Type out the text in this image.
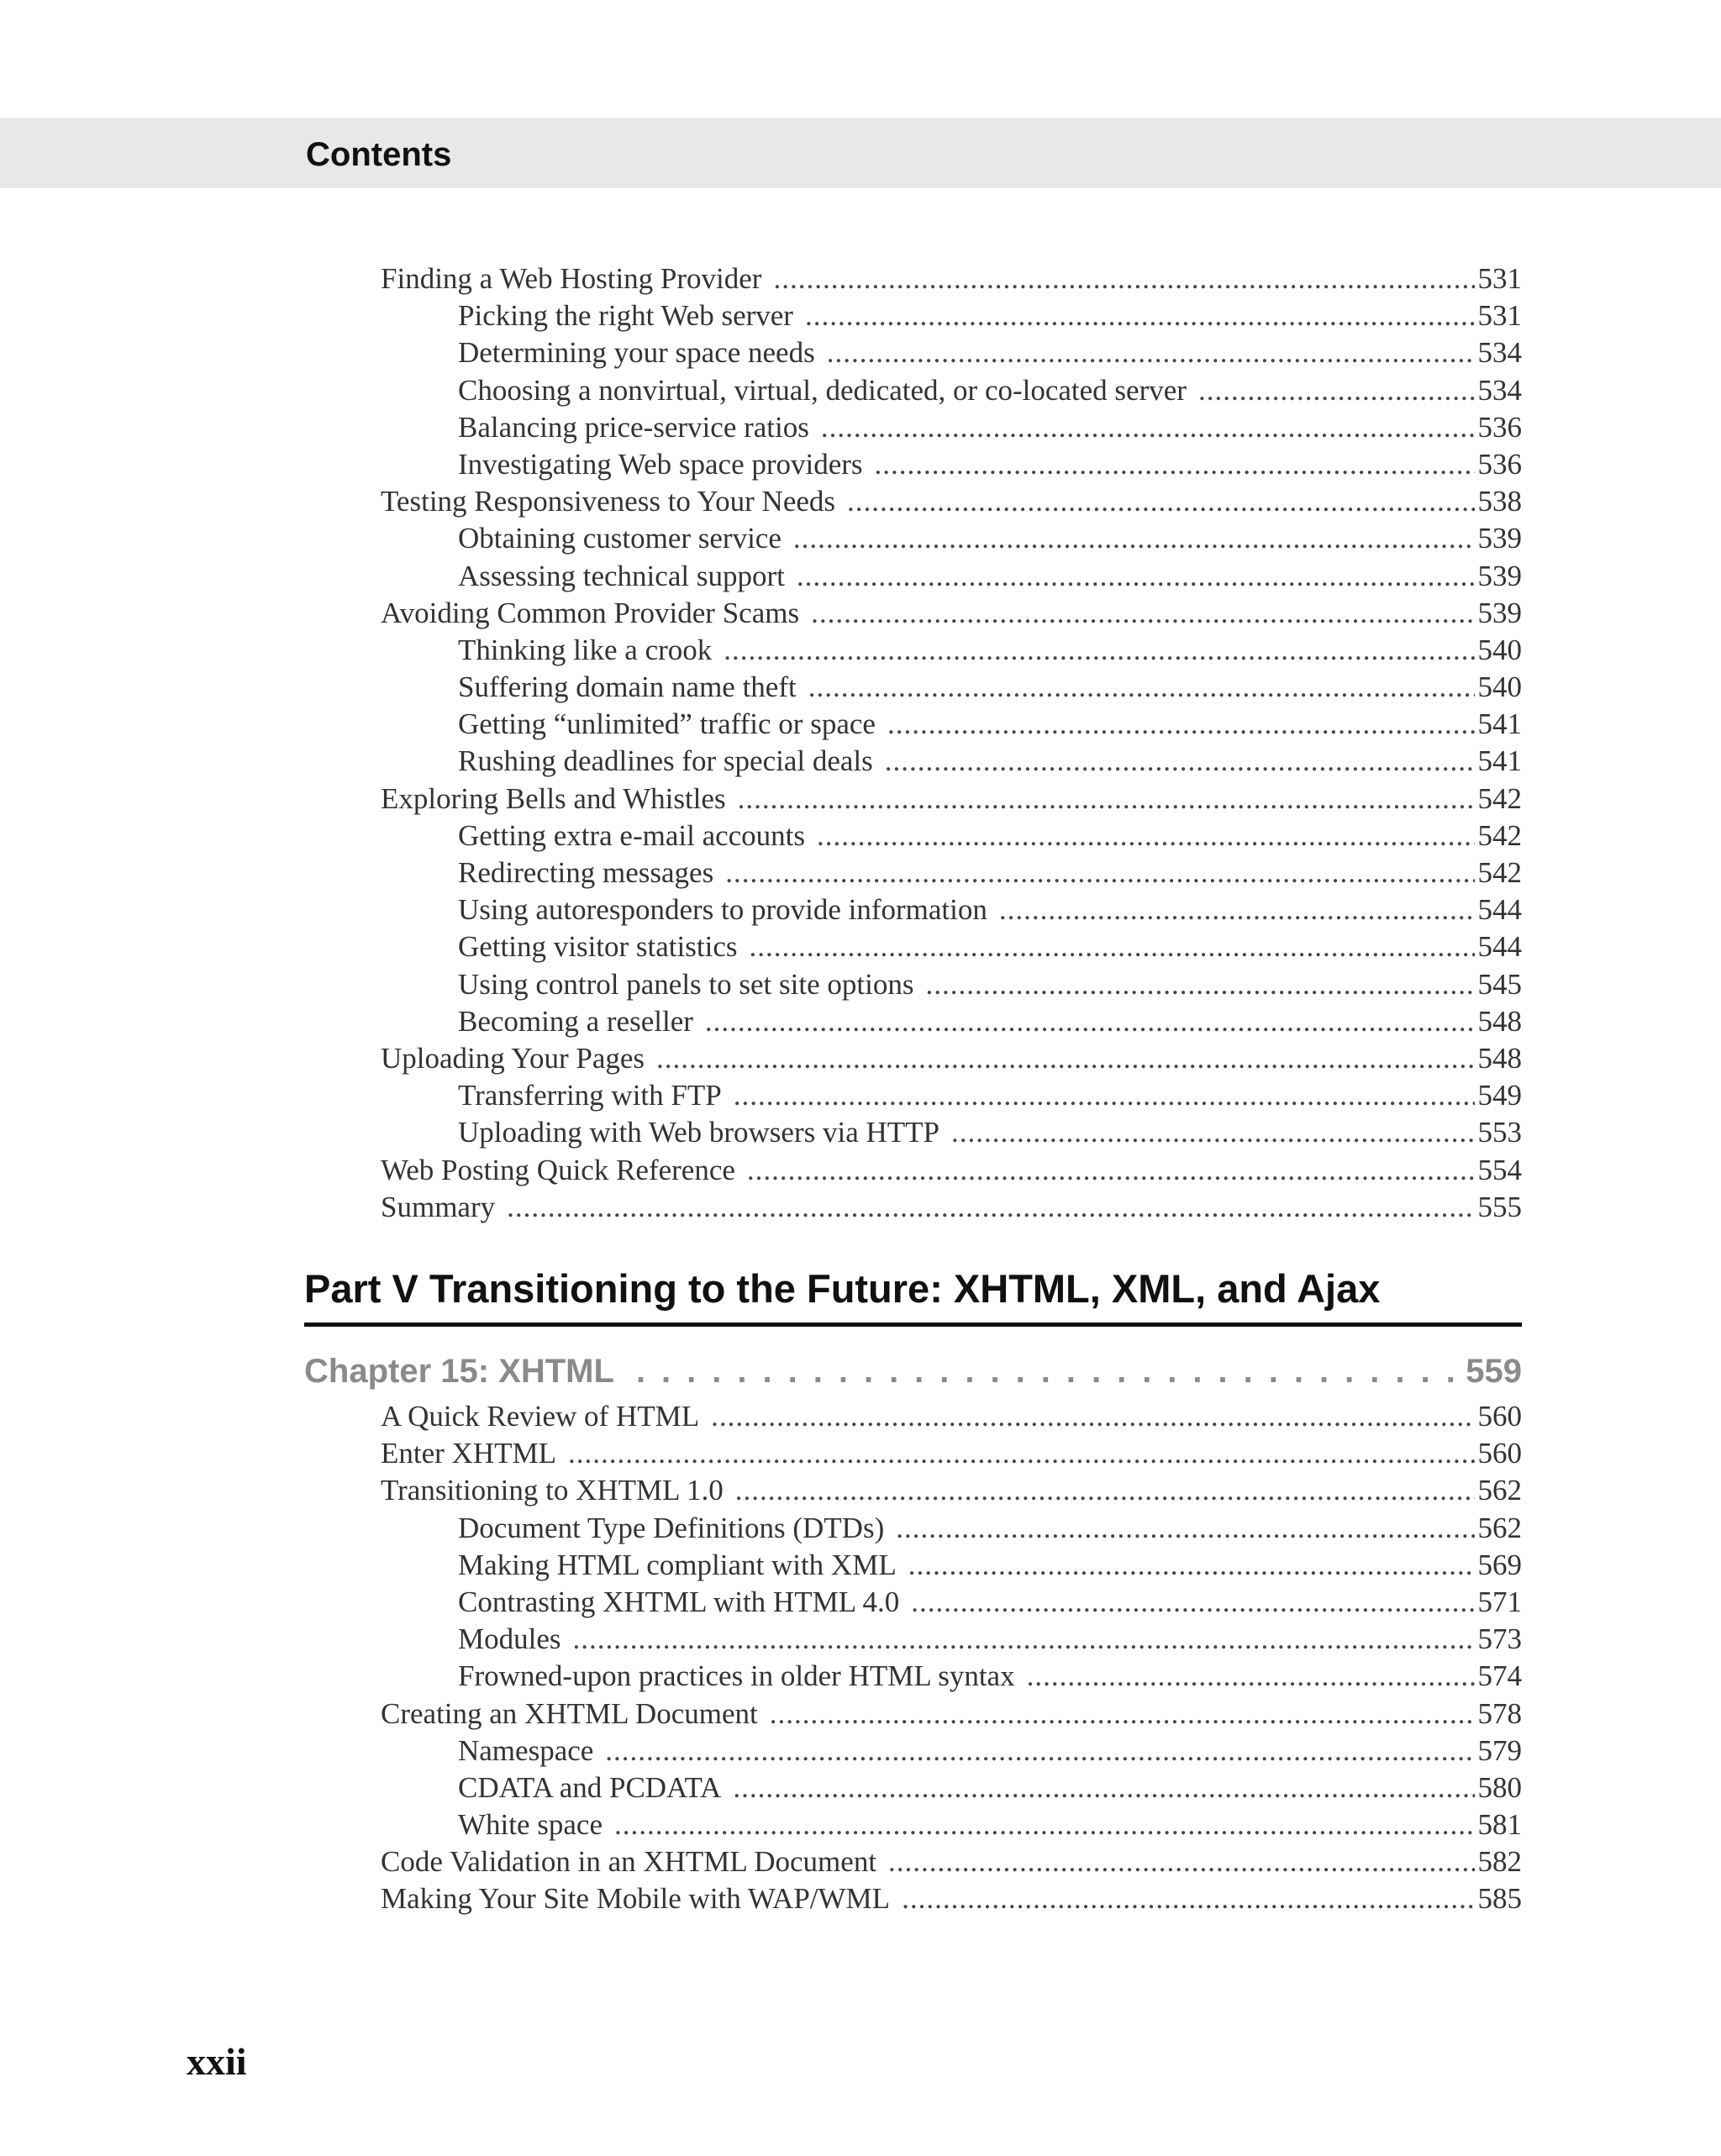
Contents
Finding a Web Hosting Provider .....	531
Picking the right Web server .....	531
Determining your space needs .....	534
Choosing a nonvirtual, virtual, dedicated, or co-located server .....	534
Balancing price-service ratios .....	536
Investigating Web space providers .....	536
Testing Responsiveness to Your Needs .....	538
Obtaining customer service .....	539
Assessing technical support .....	539
Avoiding Common Provider Scams .....	539
Thinking like a crook .....	540
Suffering domain name theft .....	540
Getting “unlimited” traffic or space .....	541
Rushing deadlines for special deals .....	541
Exploring Bells and Whistles .....	542
Getting extra e-mail accounts .....	542
Redirecting messages .....	542
Using autoresponders to provide information .....	544
Getting visitor statistics .....	544
Using control panels to set site options .....	545
Becoming a reseller .....	548
Uploading Your Pages .....	548
Transferring with FTP .....	549
Uploading with Web browsers via HTTP .....	553
Web Posting Quick Reference .....	554
Summary .....	555
Part V Transitioning to the Future: XHTML, XML, and Ajax
Chapter 15: XHTML .....	559
A Quick Review of HTML .....	560
Enter XHTML .....	560
Transitioning to XHTML 1.0 .....	562
Document Type Definitions (DTDs) .....	562
Making HTML compliant with XML .....	569
Contrasting XHTML with HTML 4.0 .....	571
Modules .....	573
Frowned-upon practices in older HTML syntax .....	574
Creating an XHTML Document .....	578
Namespace .....	579
CDATA and PCDATA .....	580
White space .....	581
Code Validation in an XHTML Document .....	582
Making Your Site Mobile with WAP/WML .....	585
xxii
